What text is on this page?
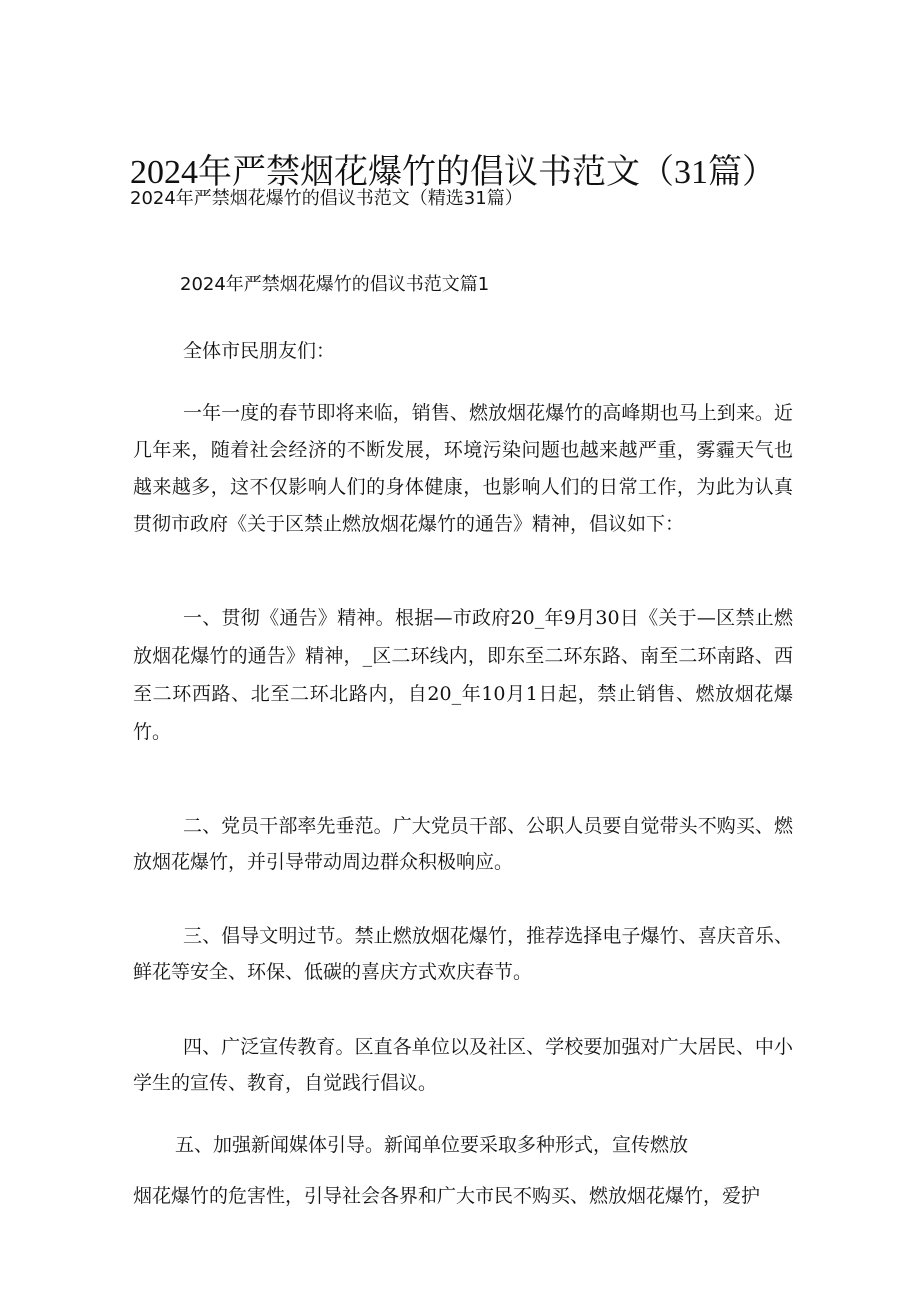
2024年严禁烟花爆竹的倡议书范文（31篇）
2024年严禁烟花爆竹的倡议书范文（精选31篇）
2024年严禁烟花爆竹的倡议书范文篇1
全体市民朋友们：

一年一度的春节即将来临，销售、燃放烟花爆竹的高峰期也马上到来。近几年来，随着社会经济的不断发展，环境污染问题也越来越严重，雾霾天气也越来越多，这不仅影响人们的身体健康，也影响人们的日常工作，为此为认真贯彻市政府《关于区禁止燃放烟花爆竹的通告》精神，倡议如下：

一、贯彻《通告》精神。根据—市政府20_年9月30日《关于—区禁止燃放烟花爆竹的通告》精神，_区二环线内，即东至二环东路、南至二环南路、西至二环西路、北至二环北路内，自20_年10月1日起，禁止销售、燃放烟花爆竹。

二、党员干部率先垂范。广大党员干部、公职人员要自觉带头不购买、燃放烟花爆竹，并引导带动周边群众积极响应。

三、倡导文明过节。禁止燃放烟花爆竹，推荐选择电子爆竹、喜庆音乐、鲜花等安全、环保、低碳的喜庆方式欢庆春节。

四、广泛宣传教育。区直各单位以及社区、学校要加强对广大居民、中小学生的宣传、教育，自觉践行倡议。

五、加强新闻媒体引导。新闻单位要采取多种形式，宣传燃放
烟花爆竹的危害性，引导社会各界和广大市民不购买、燃放烟花爆竹，爱护
